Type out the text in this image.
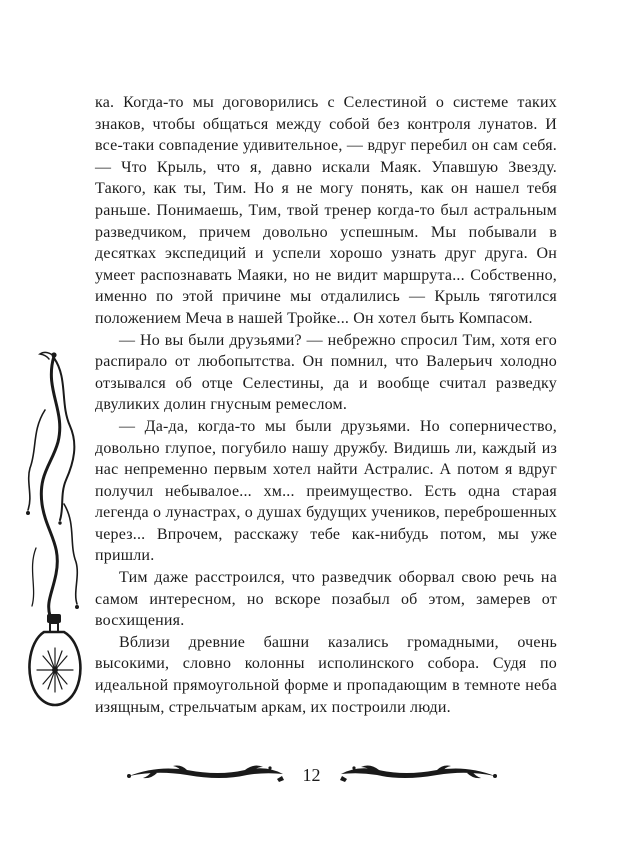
ка. Когда-то мы договорились с Селестиной о системе таких знаков, чтобы общаться между собой без контроля лунатов. И все-таки совпадение удивительное, — вдруг перебил он сам себя. — Что Крыль, что я, давно искали Маяк. Упавшую Звезду. Такого, как ты, Тим. Но я не могу понять, как он нашел тебя раньше. Понимаешь, Тим, твой тренер когда-то был астральным разведчиком, причем довольно успешным. Мы побывали в десятках экспедиций и успели хорошо узнать друг друга. Он умеет распознавать Маяки, но не видит маршрута... Собственно, именно по этой причине мы отдалились — Крыль тяготился положением Меча в нашей Тройке... Он хотел быть Компасом.

— Но вы были друзьями? — небрежно спросил Тим, хотя его распирало от любопытства. Он помнил, что Валерьич холодно отзывался об отце Селестины, да и вообще считал разведку двуликих долин гнусным ремеслом.

— Да-да, когда-то мы были друзьями. Но соперничество, довольно глупое, погубило нашу дружбу. Видишь ли, каждый из нас непременно первым хотел найти Астралис. А потом я вдруг получил небывалое... хм... преимущество. Есть одна старая легенда о лунастрах, о душах будущих учеников, переброшенных через... Впрочем, расскажу тебе как-нибудь потом, мы уже пришли.

Тим даже расстроился, что разведчик оборвал свою речь на самом интересном, но вскоре позабыл об этом, замерев от восхищения.

Вблизи древние башни казались громадными, очень высокими, словно колонны исполинского собора. Судя по идеальной прямоугольной форме и пропадающим в темноте неба изящным, стрельчатым аркам, их построили люди.

12
